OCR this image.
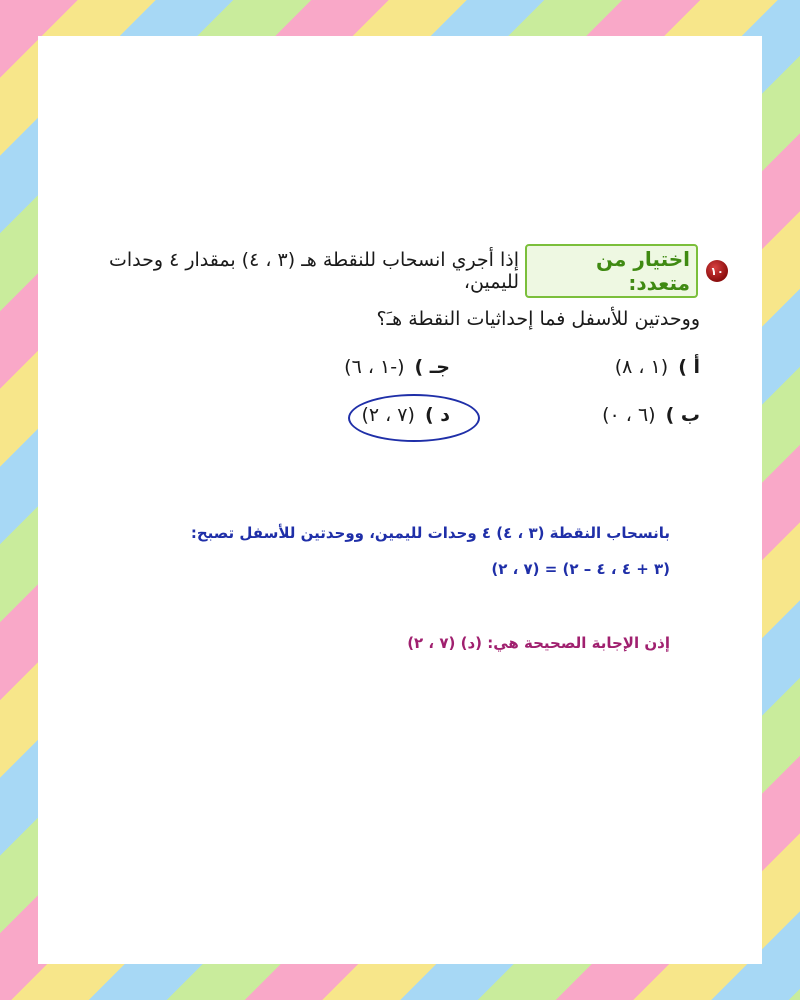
١٠
اختيار من متعدد:
إذا أجري انسحاب للنقطة هـ (٣ ، ٤) بمقدار ٤ وحدات لليمين،
ووحدتين للأسفل فما إحداثيات النقطة هـَ؟
أ )
(١ ، ٨)
جـ )
(-١ ، ٦)
ب )
(٦ ، ٠)
د )
(٧ ، ٢)
بانسحاب النقطة (٣ ، ٤) ٤ وحدات لليمين، ووحدتين للأسفل تصبح:
(٣ + ٤ ، ٤ – ٢) = (٧ ، ٢)
إذن الإجابة الصحيحة هي: (د) (٧ ، ٢)
